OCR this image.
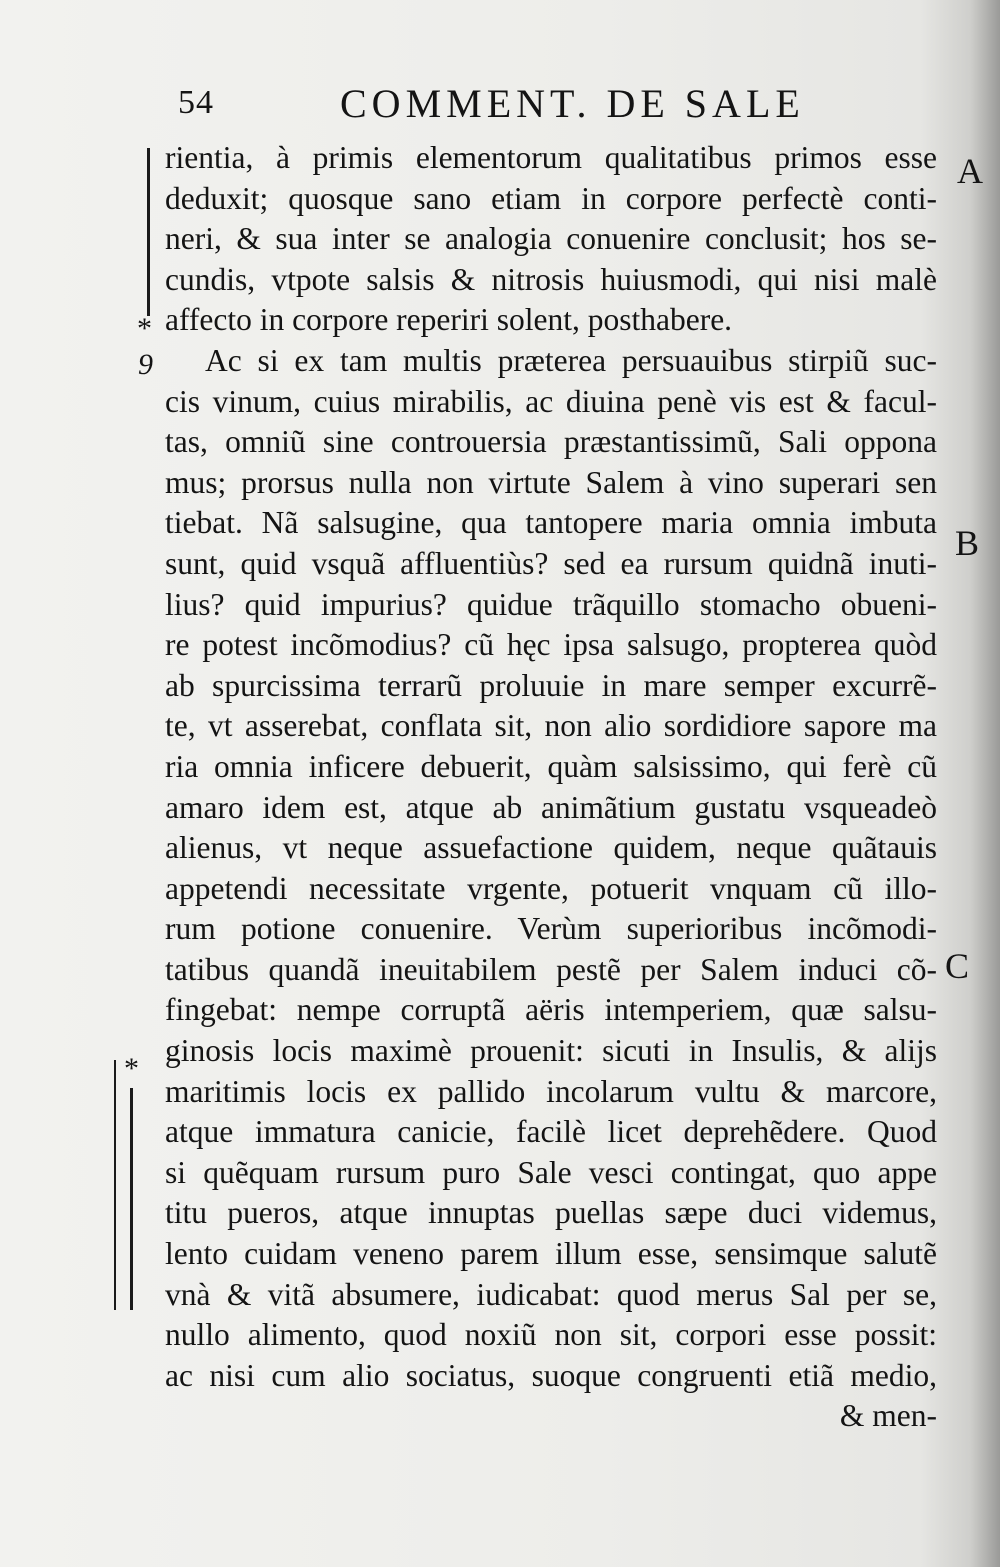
54	COMMENT. DE SALE
*
9
*
A
B
C
rientia, à primis elementorum qualitatibus primos esse
deduxit; quosque sano etiam in corpore perfectè conti-
neri, & sua inter se analogia conuenire conclusit; hos se-
cundis, vtpote salsis & nitrosis huiusmodi, qui nisi malè
affecto in corpore reperiri solent, posthabere.
Ac si ex tam multis præterea persuauibus stirpiũ suc-
cis vinum, cuius mirabilis, ac diuina penè vis est & facul-
tas, omniũ sine controuersia præstantissimũ, Sali oppona
mus; prorsus nulla non virtute Salem à vino superari sen
tiebat. Nã salsugine, qua tantopere maria omnia imbuta
sunt, quid vsquã affluentiùs? sed ea rursum quidnã inuti-
lius? quid impurius? quidue trãquillo stomacho obueni-
re potest incõmodius? cũ hęc ipsa salsugo, propterea quòd
ab spurcissima terrarũ proluuie in mare semper excurrẽ-
te, vt asserebat, conflata sit, non alio sordidiore sapore ma
ria omnia inficere debuerit, quàm salsissimo, qui ferè cũ
amaro idem est, atque ab animãtium gustatu vsqueadeò
alienus, vt neque assuefactione quidem, neque quãtauis
appetendi necessitate vrgente, potuerit vnquam cũ illo-
rum potione conuenire. Verùm superioribus incõmodi-
tatibus quandã ineuitabilem pestẽ per Salem induci cõ-
fingebat: nempe corruptã aëris intemperiem, quæ salsu-
ginosis locis maximè prouenit: sicuti in Insulis, & alijs
maritimis locis ex pallido incolarum vultu & marcore,
atque immatura canicie, facilè licet deprehẽdere. Quod
si quẽquam rursum puro Sale vesci contingat, quo appe
titu pueros, atque innuptas puellas sæpe duci videmus,
lento cuidam veneno parem illum esse, sensimque salutẽ
vnà & vitã absumere, iudicabat: quod merus Sal per se,
nullo alimento, quod noxiũ non sit, corpori esse possit:
ac nisi cum alio sociatus, suoque congruenti etiã medio,
& men-
